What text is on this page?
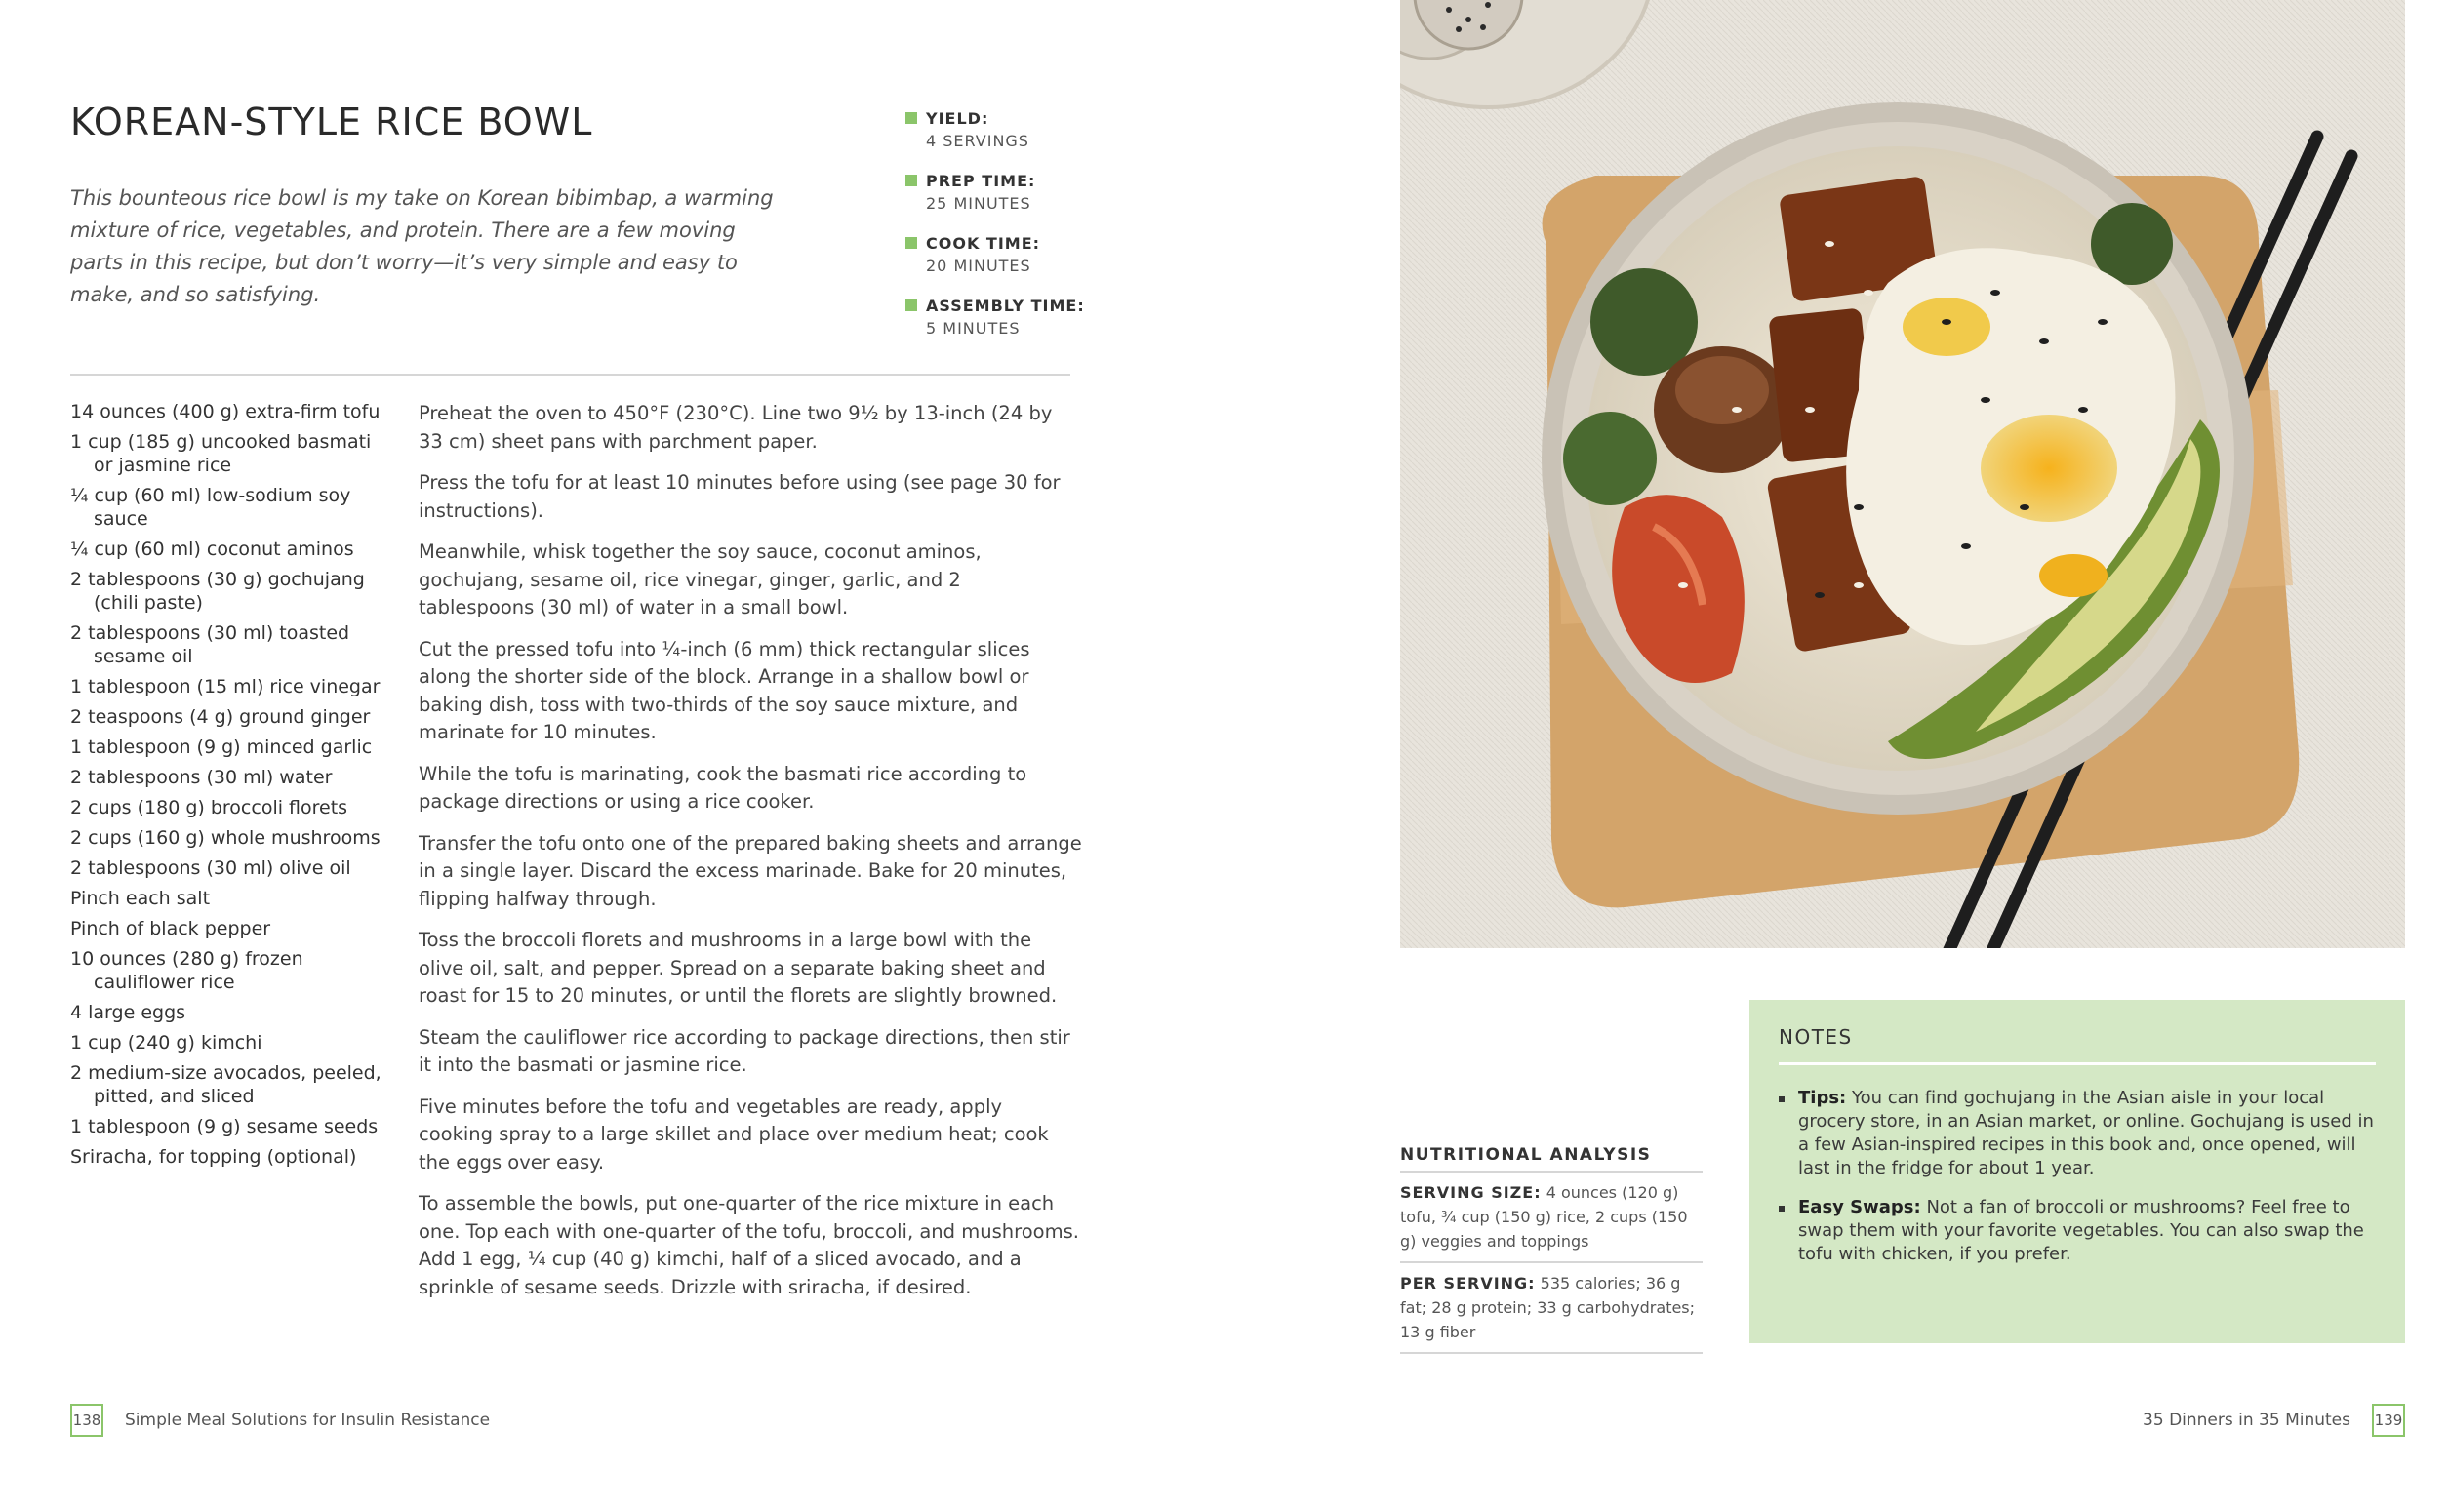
KOREAN-STYLE RICE BOWL

This bounteous rice bowl is my take on Korean bibimbap, a warming mixture of rice, vegetables, and protein. There are a few moving parts in this recipe, but don’t worry—it’s very simple and easy to make, and so satisfying.

YIELD:
4 SERVINGS
PREP TIME:
25 MINUTES
COOK TIME:
20 MINUTES
ASSEMBLY TIME:
5 MINUTES
14 ounces (400 g) extra-firm tofu
1 cup (185 g) uncooked basmati or jasmine rice
¼ cup (60 ml) low-sodium soy sauce
¼ cup (60 ml) coconut aminos
2 tablespoons (30 g) gochujang (chili paste)
2 tablespoons (30 ml) toasted sesame oil
1 tablespoon (15 ml) rice vinegar
2 teaspoons (4 g) ground ginger
1 tablespoon (9 g) minced garlic
2 tablespoons (30 ml) water
2 cups (180 g) broccoli florets
2 cups (160 g) whole mushrooms
2 tablespoons (30 ml) olive oil
Pinch each salt
Pinch of black pepper
10 ounces (280 g) frozen cauliflower rice
4 large eggs
1 cup (240 g) kimchi
2 medium-size avocados, peeled, pitted, and sliced
1 tablespoon (9 g) sesame seeds
Sriracha, for topping (optional)

Preheat the oven to 450°F (230°C). Line two 9½ by 13-inch (24 by 33 cm) sheet pans with parchment paper.

Press the tofu for at least 10 minutes before using (see page 30 for instructions).

Meanwhile, whisk together the soy sauce, coconut aminos, gochujang, sesame oil, rice vinegar, ginger, garlic, and 2 tablespoons (30 ml) of water in a small bowl.

Cut the pressed tofu into ¼-inch (6 mm) thick rectangular slices along the shorter side of the block. Arrange in a shallow bowl or baking dish, toss with two-thirds of the soy sauce mixture, and marinate for 10 minutes.

While the tofu is marinating, cook the basmati rice according to package directions or using a rice cooker.

Transfer the tofu onto one of the prepared baking sheets and arrange in a single layer. Discard the excess marinade. Bake for 20 minutes, flipping halfway through.

Toss the broccoli florets and mushrooms in a large bowl with the olive oil, salt, and pepper. Spread on a separate baking sheet and roast for 15 to 20 minutes, or until the florets are slightly browned.

Steam the cauliflower rice according to package directions, then stir it into the basmati or jasmine rice.

Five minutes before the tofu and vegetables are ready, apply cooking spray to a large skillet and place over medium heat; cook the eggs over easy.

To assemble the bowls, put one-quarter of the rice mixture in each one. Top each with one-quarter of the tofu, broccoli, and mushrooms. Add 1 egg, ¼ cup (40 g) kimchi, half of a sliced avocado, and a sprinkle of sesame seeds. Drizzle with sriracha, if desired.

138 Simple Meal Solutions for Insulin Resistance
NUTRITIONAL ANALYSIS
SERVING SIZE: 4 ounces (120 g) tofu, ¾ cup (150 g) rice, 2 cups (150 g) veggies and toppings
PER SERVING: 535 calories; 36 g fat; 28 g protein; 33 g carbohydrates; 13 g fiber
NOTES
Tips: You can find gochujang in the Asian aisle in your local grocery store, in an Asian market, or online. Gochujang is used in a few Asian-inspired recipes in this book and, once opened, will last in the fridge for about 1 year.
Easy Swaps: Not a fan of broccoli or mushrooms? Feel free to swap them with your favorite vegetables. You can also swap the tofu with chicken, if you prefer.
35 Dinners in 35 Minutes 139
